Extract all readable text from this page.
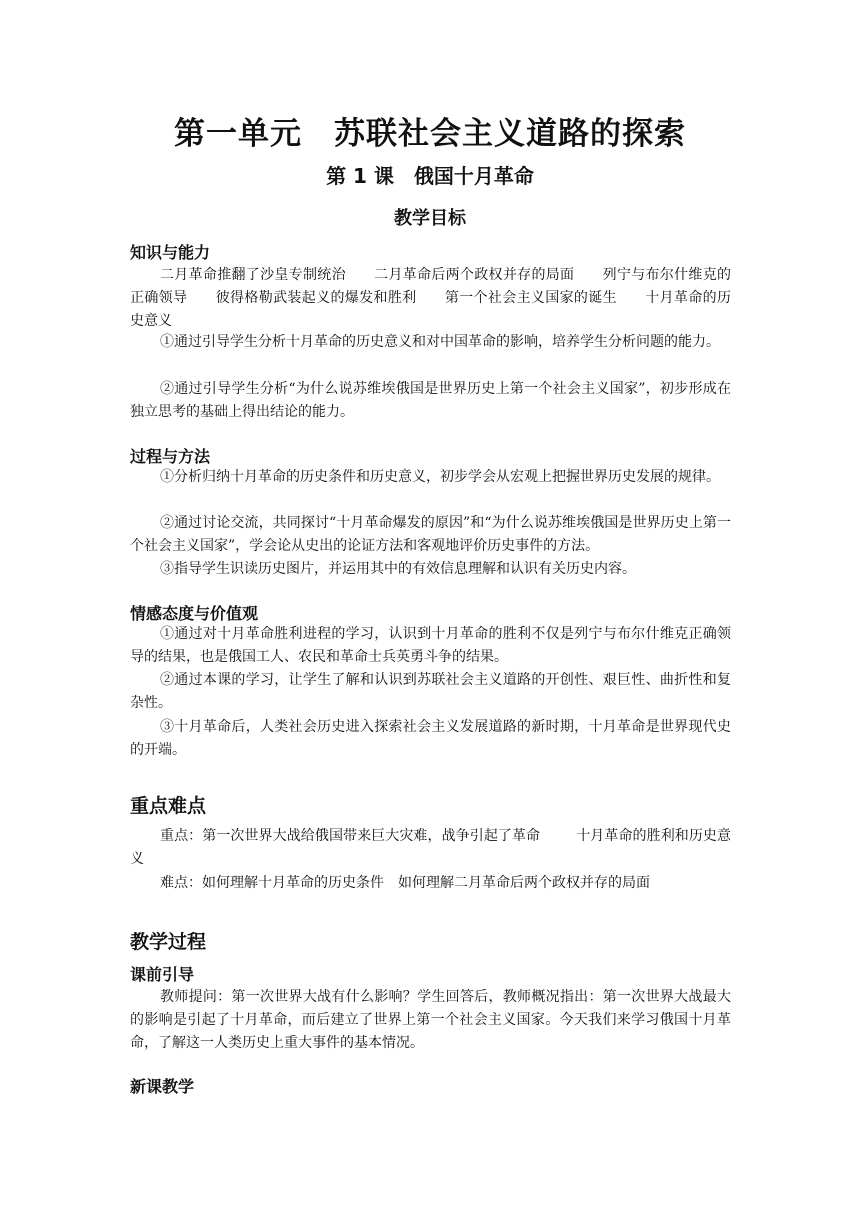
第一单元　苏联社会主义道路的探索
第 1 课　俄国十月革命
教学目标
知识与能力
二月革命推翻了沙皇专制统治 二月革命后两个政权并存的局面 列宁与布尔什维克的正确领导 彼得格勒武装起义的爆发和胜利 第一个社会主义国家的诞生 十月革命的历史意义
①通过引导学生分析十月革命的历史意义和对中国革命的影响，培养学生分析问题的能力。
②通过引导学生分析“为什么说苏维埃俄国是世界历史上第一个社会主义国家”，初步形成在独立思考的基础上得出结论的能力。
过程与方法
①分析归纳十月革命的历史条件和历史意义，初步学会从宏观上把握世界历史发展的规律。
②通过讨论交流，共同探讨“十月革命爆发的原因”和“为什么说苏维埃俄国是世界历史上第一个社会主义国家”，学会论从史出的论证方法和客观地评价历史事件的方法。
③指导学生识读历史图片，并运用其中的有效信息理解和认识有关历史内容。
情感态度与价值观
①通过对十月革命胜利进程的学习，认识到十月革命的胜利不仅是列宁与布尔什维克正确领导的结果，也是俄国工人、农民和革命士兵英勇斗争的结果。
②通过本课的学习，让学生了解和认识到苏联社会主义道路的开创性、艰巨性、曲折性和复杂性。
③十月革命后，人类社会历史进入探索社会主义发展道路的新时期，十月革命是世界现代史的开端。
重点难点
重点：第一次世界大战给俄国带来巨大灾难，战争引起了革命	十月革命的胜利和历史意义
难点：如何理解十月革命的历史条件 如何理解二月革命后两个政权并存的局面
教学过程
课前引导
教师提问：第一次世界大战有什么影响？学生回答后，教师概况指出：第一次世界大战最大的影响是引起了十月革命，而后建立了世界上第一个社会主义国家。今天我们来学习俄国十月革命，了解这一人类历史上重大事件的基本情况。
新课教学
